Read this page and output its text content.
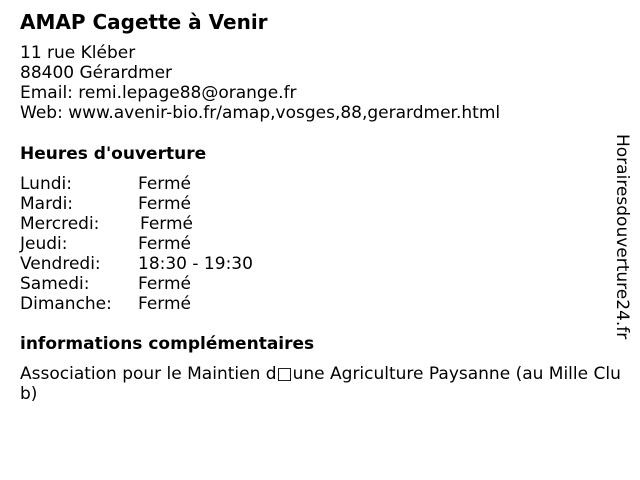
AMAP Cagette à Venir
11 rue Kléber
88400 Gérardmer
Email: remi.lepage88@orange.fr
Web: www.avenir-bio.fr/amap,vosges,88,gerardmer.html
Heures d'ouverture
Lundi:	Fermé
Mardi:	Fermé
Mercredi: Fermé
Jeudi:	Fermé
Vendredi: 18:30 - 19:30
Samedi:	Fermé
Dimanche: Fermé
informations complémentaires
Association pour le Maintien d□une Agriculture Paysanne (au Mille Club)
Horairesdouverture24.fr
